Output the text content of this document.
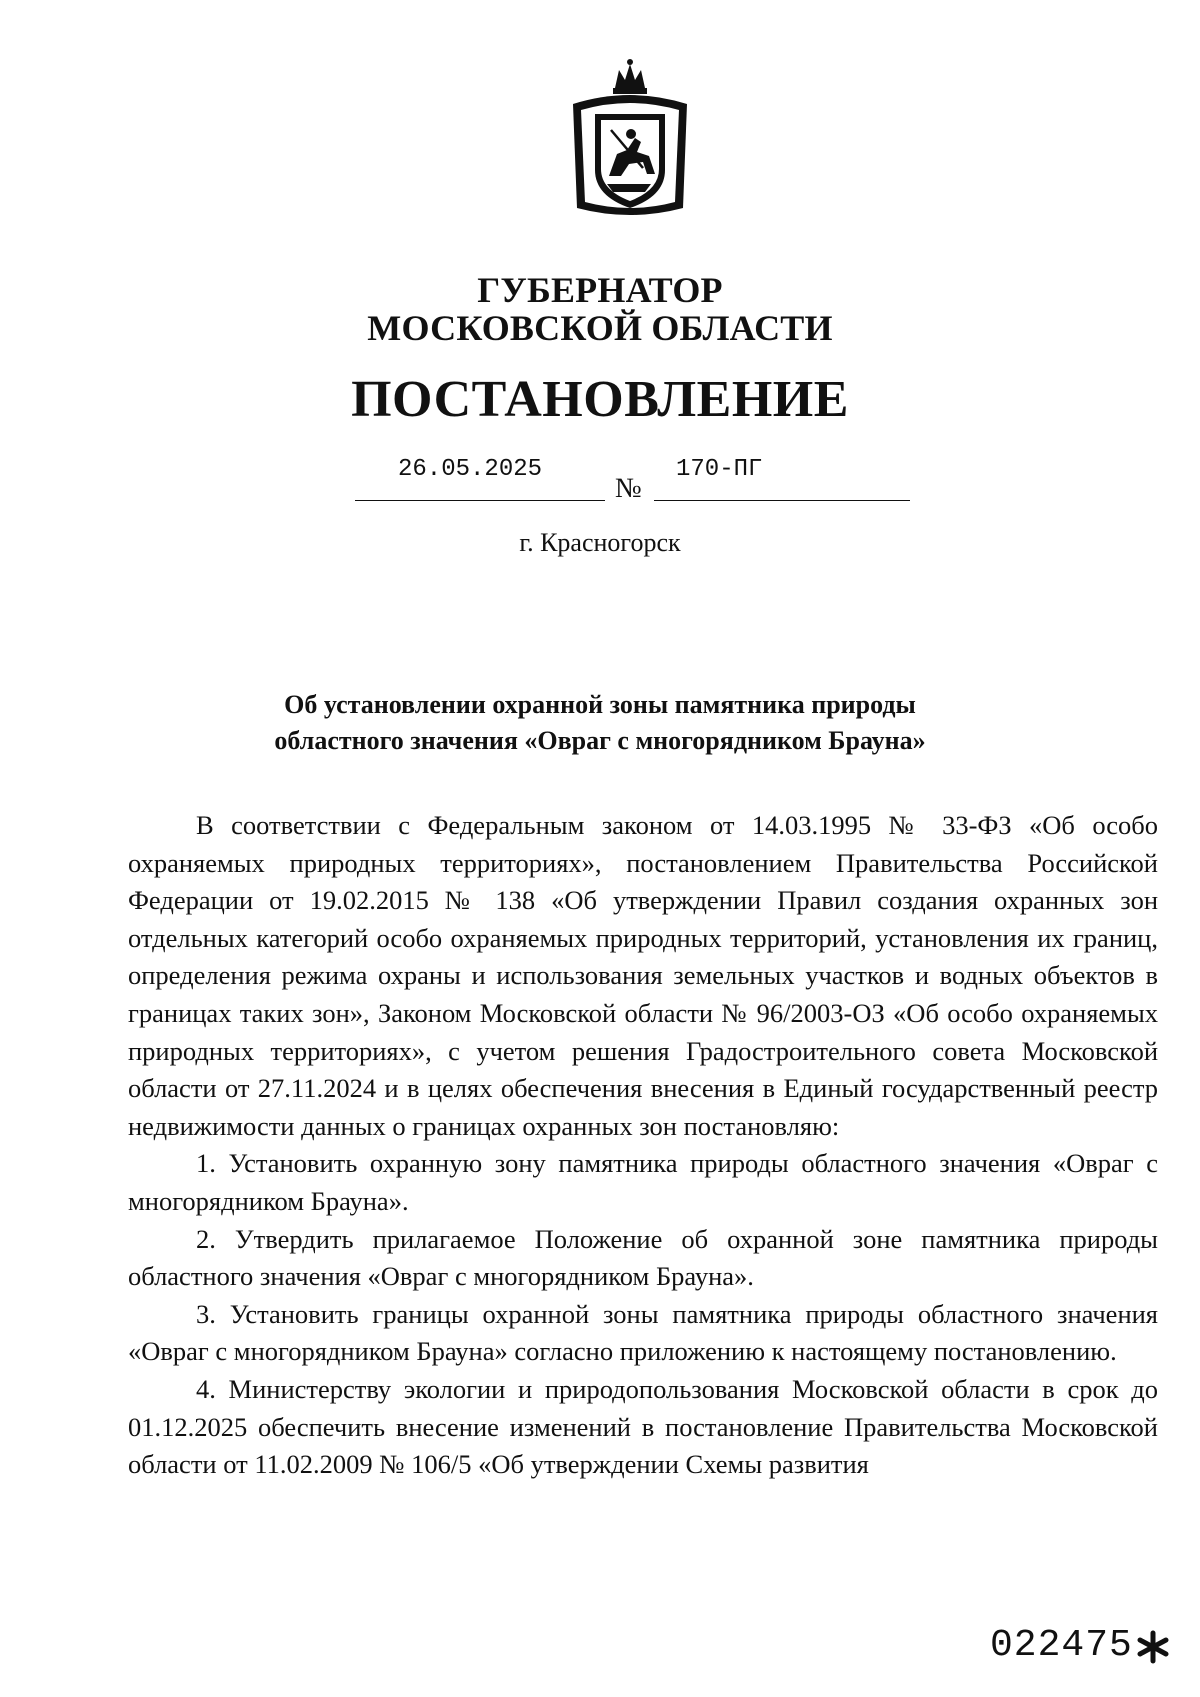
ГУБЕРНАТОР
МОСКОВСКОЙ ОБЛАСТИ
ПОСТАНОВЛЕНИЕ
26.05.2025
№
170-ПГ
г. Красногорск
Об установлении охранной зоны памятника природы
областного значения «Овраг с многорядником Брауна»

В соответствии с Федеральным законом от 14.03.1995 № 33-ФЗ «Об особо охраняемых природных территориях», постановлением Правительства Российской Федерации от 19.02.2015 № 138 «Об утверждении Правил создания охранных зон отдельных категорий особо охраняемых природных территорий, установления их границ, определения режима охраны и использования земельных участков и водных объектов в границах таких зон», Законом Московской области № 96/2003-ОЗ «Об особо охраняемых природных территориях», с учетом решения Градостроительного совета Московской области от 27.11.2024 и в целях обеспечения внесения в Единый государственный реестр недвижимости данных о границах охранных зон постановляю:

1. Установить охранную зону памятника природы областного значения «Овраг с многорядником Брауна».

2. Утвердить прилагаемое Положение об охранной зоне памятника природы областного значения «Овраг с многорядником Брауна».

3. Установить границы охранной зоны памятника природы областного значения «Овраг с многорядником Брауна» согласно приложению к настоящему постановлению.

4. Министерству экологии и природопользования Московской области в срок до 01.12.2025 обеспечить внесение изменений в постановление Правительства Московской области от 11.02.2009 № 106/5 «Об утверждении Схемы развития

022475
